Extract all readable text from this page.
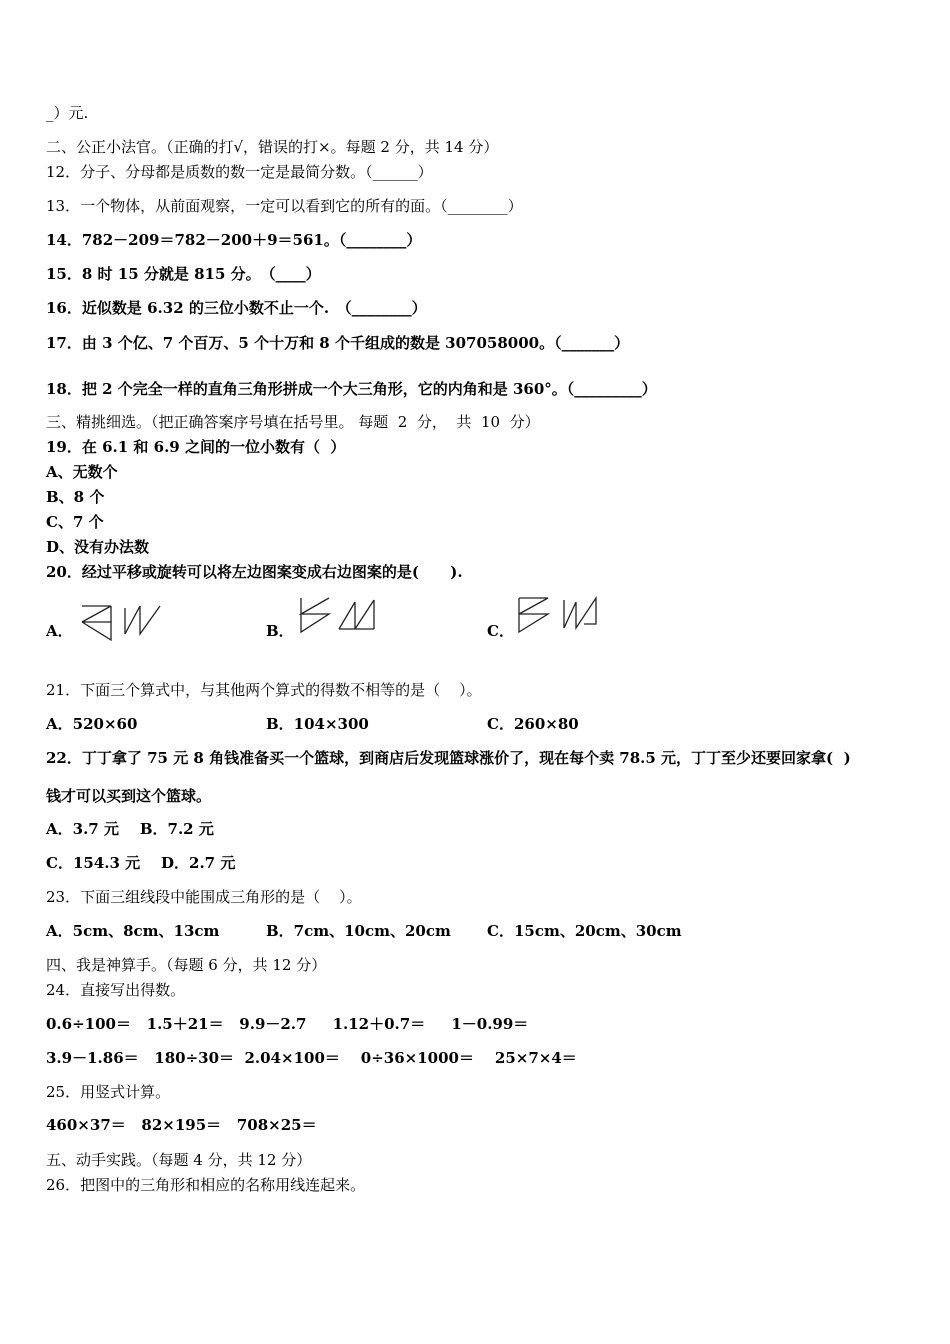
_）元.
二、公正小法官。（正确的打√，错误的打×。每题 2 分，共 14 分）
12．分子、分母都是质数的数一定是最简分数。（______）
13．一个物体，从前面观察，一定可以看到它的所有的面。（________）
14．782－209＝782－200＋9＝561。（________）
15．8 时 15 分就是 815 分。　（____）
16．近似数是 6.32 的三位小数不止一个.　（________）
17．由 3 个亿、7 个百万、5 个十万和 8 个千组成的数是 307058000。（_______）
18．把 2 个完全一样的直角三角形拼成一个大三角形，它的内角和是 360°。（_________）
三、精挑细选。（把正确答案序号填在括号里。 每题  2  分，  共  10  分）
19．在 6.1 和 6.9 之间的一位小数有（  ）
A、无数个
B、8 个
C、7 个
D、没有办法数
20．经过平移或旋转可以将左边图案变成右边图案的是(      ).
A．	B．	C．
21．下面三个算式中，与其他两个算式的得数不相等的是（    ）。
A．520×60	B．104×300	C．260×80
22．丁丁拿了 75 元 8 角钱准备买一个篮球，到商店后发现篮球涨价了，现在每个卖 78.5 元，丁丁至少还要回家拿(  )
钱才可以买到这个篮球。
A．3.7 元    B．7.2 元
C．154.3 元    D．2.7 元
23．下面三组线段中能围成三角形的是（    ）。
A．5cm、8cm、13cm	B．7cm、10cm、20cm C．15cm、20cm、30cm
四、我是神算手。（每题 6 分，共 12 分）
24．直接写出得数。
0.6÷100＝   1.5＋21＝   9.9－2.7     1.12＋0.7＝     1－0.99＝
3.9－1.86＝   180÷30＝  2.04×100＝    0÷36×1000＝    25×7×4＝
25．用竖式计算。
460×37＝   82×195＝   708×25＝
五、动手实践。（每题 4 分，共 12 分）
26．把图中的三角形和相应的名称用线连起来。
